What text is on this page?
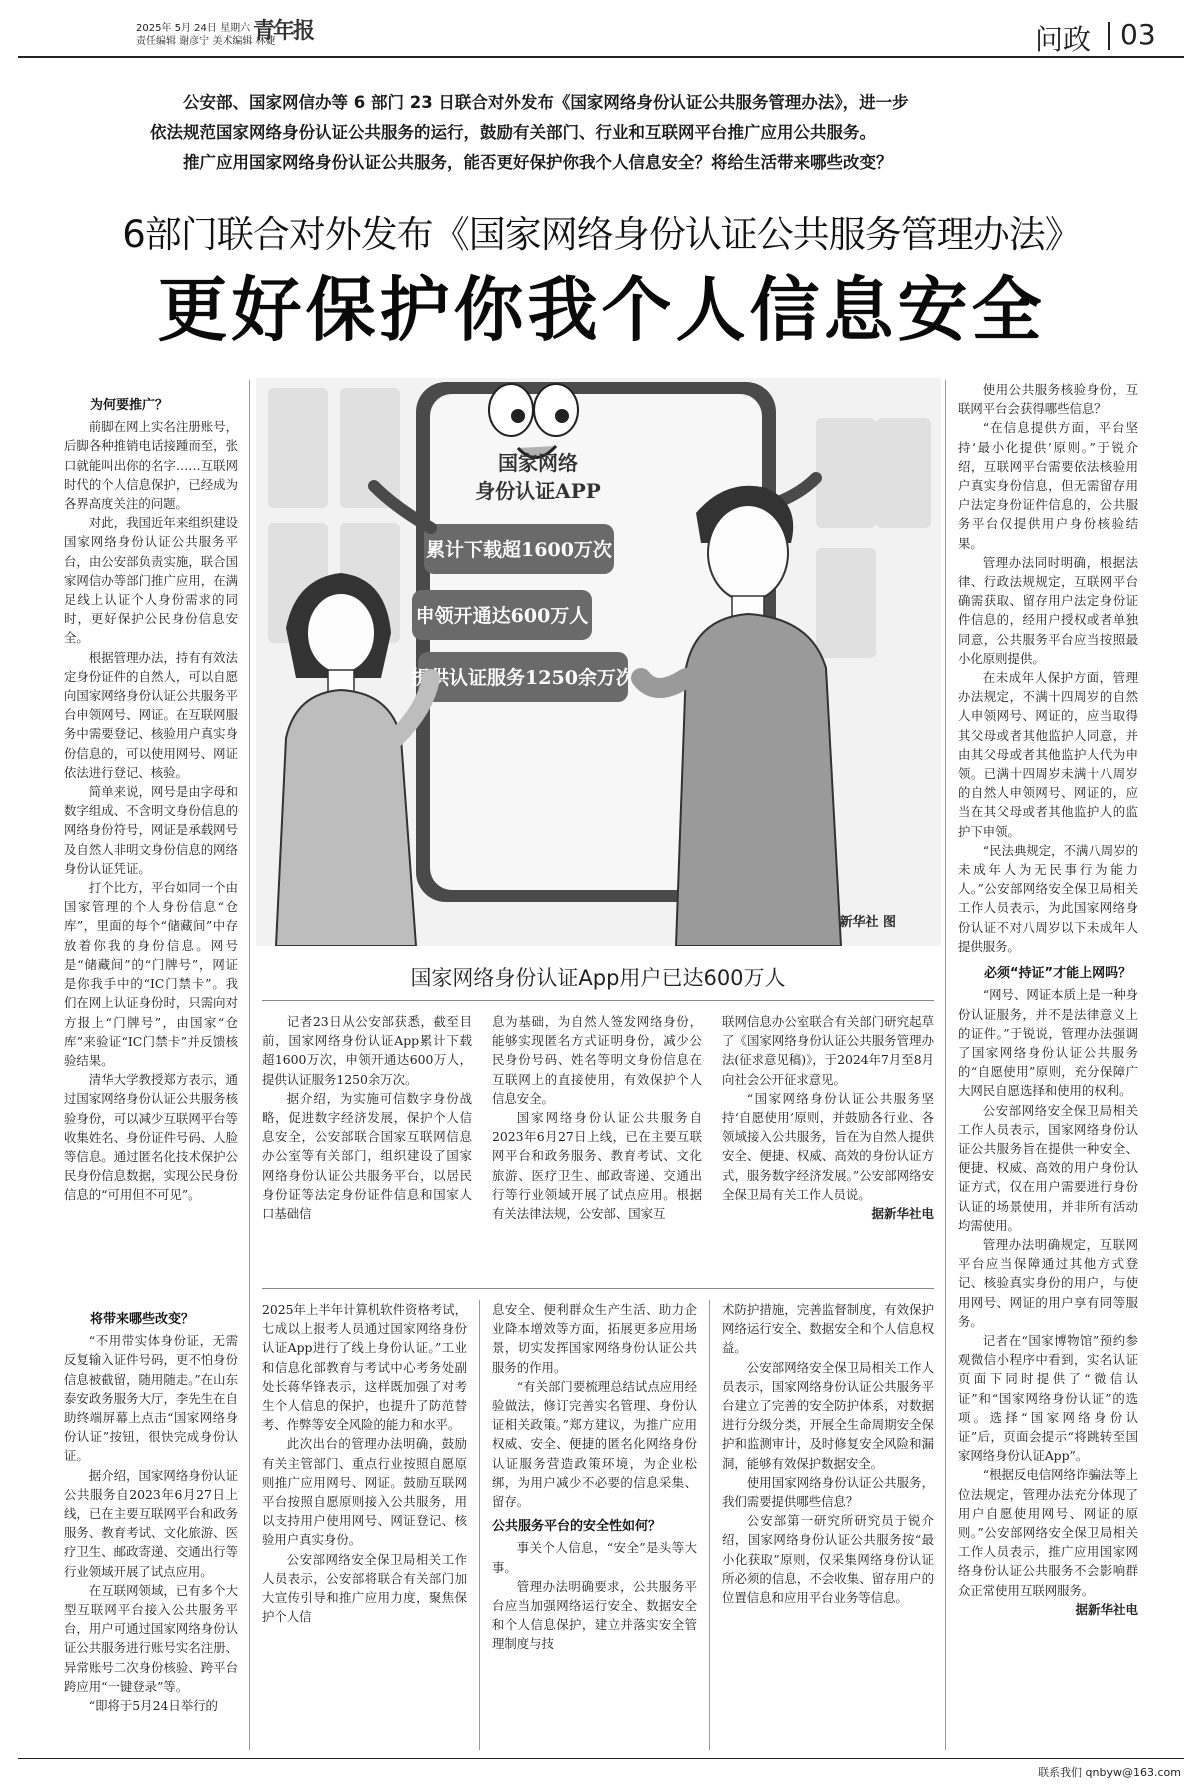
2025年 5月 24日 星期六
责任编辑 谢彦宁 美术编辑 林婕
青年报	问政 03

公安部、国家网信办等 6 部门 23 日联合对外发布《国家网络身份认证公共服务管理办法》，进一步

依法规范国家网络身份认证公共服务的运行，鼓励有关部门、行业和互联网平台推广应用公共服务。

推广应用国家网络身份认证公共服务，能否更好保护你我个人信息安全？将给生活带来哪些改变？

6部门联合对外发布《国家网络身份认证公共服务管理办法》
更好保护你我个人信息安全

为何要推广？

前脚在网上实名注册账号，后脚各种推销电话接踵而至，张口就能叫出你的名字……互联网时代的个人信息保护，已经成为各界高度关注的问题。

对此，我国近年来组织建设国家网络身份认证公共服务平台，由公安部负责实施，联合国家网信办等部门推广应用，在满足线上认证个人身份需求的同时，更好保护公民身份信息安全。

根据管理办法，持有有效法定身份证件的自然人，可以自愿向国家网络身份认证公共服务平台申领网号、网证。在互联网服务中需要登记、核验用户真实身份信息的，可以使用网号、网证依法进行登记、核验。

简单来说，网号是由字母和数字组成、不含明文身份信息的网络身份符号，网证是承载网号及自然人非明文身份信息的网络身份认证凭证。

打个比方，平台如同一个由国家管理的个人身份信息“仓库”，里面的每个“储藏间”中存放着你我的身份信息。网号是“储藏间”的“门牌号”，网证是你我手中的“IC门禁卡”。我们在网上认证身份时，只需向对方报上“门牌号”，由国家“仓库”来验证“IC门禁卡”并反馈核验结果。

清华大学教授郑方表示，通过国家网络身份认证公共服务核验身份，可以减少互联网平台等收集姓名、身份证件号码、人脸等信息。通过匿名化技术保护公民身份信息数据，实现公民身份信息的“可用但不可见”。

将带来哪些改变？

“不用带实体身份证，无需反复输入证件号码，更不怕身份信息被截留，随用随走。”在山东泰安政务服务大厅，李先生在自助终端屏幕上点击“国家网络身份认证”按钮，很快完成身份认证。

据介绍，国家网络身份认证公共服务自2023年6月27日上线，已在主要互联网平台和政务服务、教育考试、文化旅游、医疗卫生、邮政寄递、交通出行等行业领域开展了试点应用。

在互联网领域，已有多个大型互联网平台接入公共服务平台，用户可通过国家网络身份认证公共服务进行账号实名注册、异常账号二次身份核验、跨平台跨应用“一键登录”等。

“即将于5月24日举行的

国家网络
身份认证APP
累计下载超1600万次
申领开通达600万人
提供认证服务1250余万次
新华社 图
国家网络身份认证App用户已达600万人

记者23日从公安部获悉，截至目前，国家网络身份认证App累计下载超1600万次，申领开通达600万人，提供认证服务1250余万次。

据介绍，为实施可信数字身份战略，促进数字经济发展，保护个人信息安全，公安部联合国家互联网信息办公室等有关部门，组织建设了国家网络身份认证公共服务平台，以居民身份证等法定身份证件信息和国家人口基础信

息为基础，为自然人签发网络身份，能够实现匿名方式证明身份，减少公民身份号码、姓名等明文身份信息在互联网上的直接使用，有效保护个人信息安全。

国家网络身份认证公共服务自2023年6月27日上线，已在主要互联网平台和政务服务、教育考试、文化旅游、医疗卫生、邮政寄递、交通出行等行业领域开展了试点应用。根据有关法律法规，公安部、国家互

联网信息办公室联合有关部门研究起草了《国家网络身份认证公共服务管理办法(征求意见稿)》，于2024年7月至8月向社会公开征求意见。

“国家网络身份认证公共服务坚持‘自愿使用’原则，并鼓励各行业、各领域接入公共服务，旨在为自然人提供安全、便捷、权威、高效的身份认证方式，服务数字经济发展。”公安部网络安全保卫局有关工作人员说。

据新华社电

2025年上半年计算机软件资格考试，七成以上报考人员通过国家网络身份认证App进行了线上身份认证。”工业和信息化部教育与考试中心考务处副处长蒋华锋表示，这样既加强了对考生个人信息的保护，也提升了防范替考、作弊等安全风险的能力和水平。

此次出台的管理办法明确，鼓励有关主管部门、重点行业按照自愿原则推广应用网号、网证。鼓励互联网平台按照自愿原则接入公共服务，用以支持用户使用网号、网证登记、核验用户真实身份。

公安部网络安全保卫局相关工作人员表示，公安部将联合有关部门加大宣传引导和推广应用力度，聚焦保护个人信

息安全、便利群众生产生活、助力企业降本增效等方面，拓展更多应用场景，切实发挥国家网络身份认证公共服务的作用。

“有关部门要梳理总结试点应用经验做法，修订完善实名管理、身份认证相关政策。”郑方建议，为推广应用权威、安全、便捷的匿名化网络身份认证服务营造政策环境，为企业松绑，为用户减少不必要的信息采集、留存。

公共服务平台的安全性如何？

事关个人信息，“安全”是头等大事。

管理办法明确要求，公共服务平台应当加强网络运行安全、数据安全和个人信息保护，建立并落实安全管理制度与技

术防护措施，完善监督制度，有效保护网络运行安全、数据安全和个人信息权益。

公安部网络安全保卫局相关工作人员表示，国家网络身份认证公共服务平台建立了完善的安全防护体系，对数据进行分级分类，开展全生命周期安全保护和监测审计，及时修复安全风险和漏洞，能够有效保护数据安全。

使用国家网络身份认证公共服务，我们需要提供哪些信息？

公安部第一研究所研究员于锐介绍，国家网络身份认证公共服务按“最小化获取”原则，仅采集网络身份认证所必须的信息，不会收集、留存用户的位置信息和应用平台业务等信息。

使用公共服务核验身份，互联网平台会获得哪些信息？

“在信息提供方面，平台坚持‘最小化提供’原则。”于锐介绍，互联网平台需要依法核验用户真实身份信息，但无需留存用户法定身份证件信息的，公共服务平台仅提供用户身份核验结果。

管理办法同时明确，根据法律、行政法规规定，互联网平台确需获取、留存用户法定身份证件信息的，经用户授权或者单独同意，公共服务平台应当按照最小化原则提供。

在未成年人保护方面，管理办法规定，不满十四周岁的自然人申领网号、网证的，应当取得其父母或者其他监护人同意，并由其父母或者其他监护人代为申领。已满十四周岁未满十八周岁的自然人申领网号、网证的，应当在其父母或者其他监护人的监护下申领。

“民法典规定，不满八周岁的未成年人为无民事行为能力人。”公安部网络安全保卫局相关工作人员表示，为此国家网络身份认证不对八周岁以下未成年人提供服务。

必须“持证”才能上网吗？

“网号、网证本质上是一种身份认证服务，并不是法律意义上的证件。”于锐说，管理办法强调了国家网络身份认证公共服务的“自愿使用”原则，充分保障广大网民自愿选择和使用的权利。

公安部网络安全保卫局相关工作人员表示，国家网络身份认证公共服务旨在提供一种安全、便捷、权威、高效的用户身份认证方式，仅在用户需要进行身份认证的场景使用，并非所有活动均需使用。

管理办法明确规定，互联网平台应当保障通过其他方式登记、核验真实身份的用户，与使用网号、网证的用户享有同等服务。

记者在“国家博物馆”预约参观微信小程序中看到，实名认证页面下同时提供了“微信认证”和“国家网络身份认证”的选项。选择“国家网络身份认证”后，页面会提示“将跳转至国家网络身份认证App”。

“根据反电信网络诈骗法等上位法规定，管理办法充分体现了用户自愿使用网号、网证的原则。”公安部网络安全保卫局相关工作人员表示，推广应用国家网络身份认证公共服务不会影响群众正常使用互联网服务。

据新华社电

联系我们 qnbyw@163.com
